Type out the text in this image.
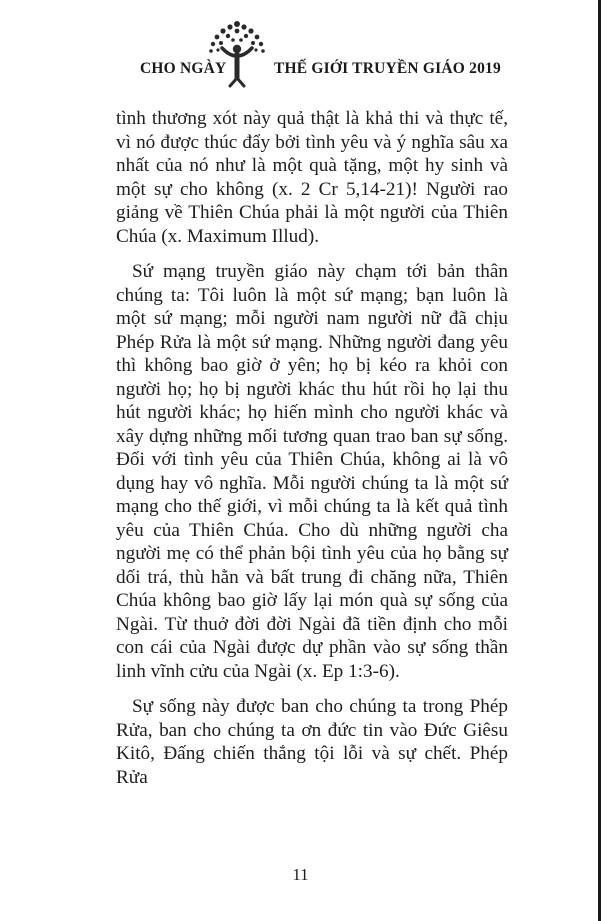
CHO NGÀY	THẾ GIỚI TRUYỀN GIÁO 2019

tình thương xót này quả thật là khả thi và thực tế, vì nó được thúc đẩy bởi tình yêu và ý nghĩa sâu xa nhất của nó như là một quà tặng, một hy sinh và một sự cho không (x. 2 Cr 5,14-21)! Người rao giảng về Thiên Chúa phải là một người của Thiên Chúa (x. Maximum Illud).

Sứ mạng truyền giáo này chạm tới bản thân chúng ta: Tôi luôn là một sứ mạng; bạn luôn là một sứ mạng; mỗi người nam người nữ đã chịu Phép Rửa là một sứ mạng. Những người đang yêu thì không bao giờ ở yên; họ bị kéo ra khỏi con người họ; họ bị người khác thu hút rồi họ lại thu hút người khác; họ hiến mình cho người khác và xây dựng những mối tương quan trao ban sự sống. Đối với tình yêu của Thiên Chúa, không ai là vô dụng hay vô nghĩa. Mỗi người chúng ta là một sứ mạng cho thế giới, vì mỗi chúng ta là kết quả tình yêu của Thiên Chúa. Cho dù những người cha người mẹ có thể phản bội tình yêu của họ bằng sự dối trá, thù hằn và bất trung đi chăng nữa, Thiên Chúa không bao giờ lấy lại món quà sự sống của Ngài. Từ thuở đời đời Ngài đã tiền định cho mỗi con cái của Ngài được dự phần vào sự sống thần linh vĩnh cửu của Ngài (x. Ep 1:3-6).

Sự sống này được ban cho chúng ta trong Phép Rửa, ban cho chúng ta ơn đức tin vào Đức Giêsu Kitô, Đấng chiến thắng tội lỗi và sự chết. Phép Rửa

11
